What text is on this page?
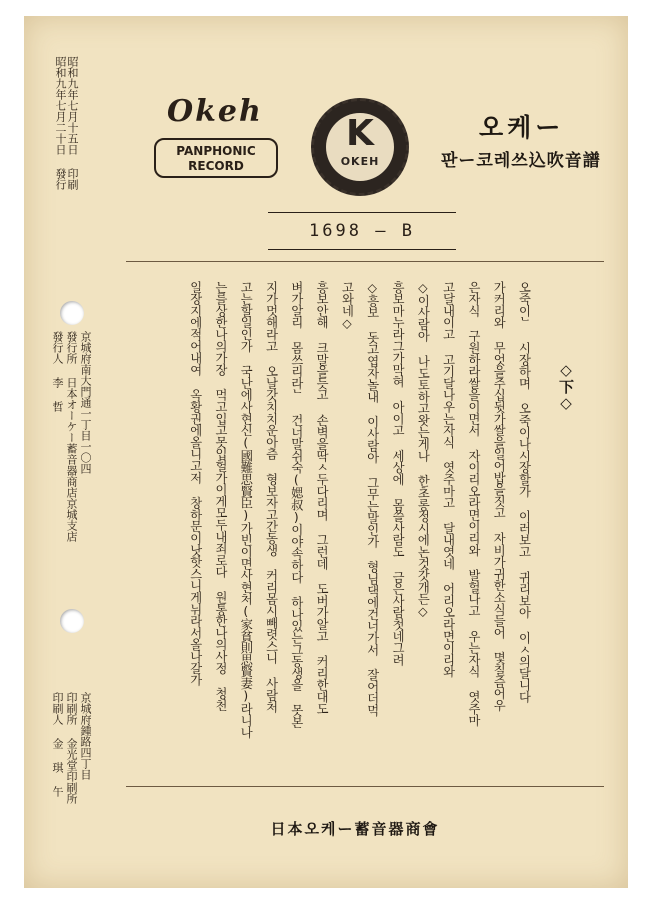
Okeh
PANPHONIC
RECORD
K
OKEH
오케ー
판ー코레쓰込吹音譜
昭和九年七月十五日 印刷
昭和九年七月二十日 發行
1698 — B
◇下◇
오죽이ᄂ 시장하며 오죽이나시장할가 이러보고 귀리보아 이ㅅ의달니다
가커리와 무엇을주십뒷가쌀을일어밥을짓고 자비가귀한소식들어 몇칠즘어우
은자식 구원하라쌀을이면서 자이리오라면이리와 발헐나고 우는자식 엿주마
고달내이고 고기달나우는자식 엿주마고 달내엿네 어리오라면이리와
◇이사람아 나도토하고왓는게나 한초롱정시에논것갓개든◇
흥보마누라그가막혀 아이고 세상에 몸쓸사람도 금은사람첫네그려
◇흥보 돗고엽자놀내 이사람아 그무는말인가 형님댁에건너가서 잘어더먹
고와네◇
흥보안해 크말을듯고 손벽을딱ㅅ두다리며 그런데 도버가알고 커리한대도
벼가알리 몸쓰리라ᄂ 건너말쉬숙(媤叔)이야속하다 하나있는그동생을 못본
지가멋해라고 오날갓치치운아츰 형보자고간동생 커리몸시빼렷스니 사람처
고는할일인가 국난에사현신(國難思賢臣)가빈이면사현처(家貧則思賢妻)라니나
는를상한나의가장 먹고입고못입헐가이게모두내죄로다 원통한나의사정 청천
일장지에적어내여 옥황권에올니고저 창하문이낫핫스니게뉘라서올나갈가
京城府南大門通一丁目一〇四
發行所 日本オーケー蓄音器商店京城支店
發行人 李 哲
京城府鍾路四丁目
印刷所 金光堂印刷所
印刷人 金 琪 午
日本오케ー蓄音器商會
